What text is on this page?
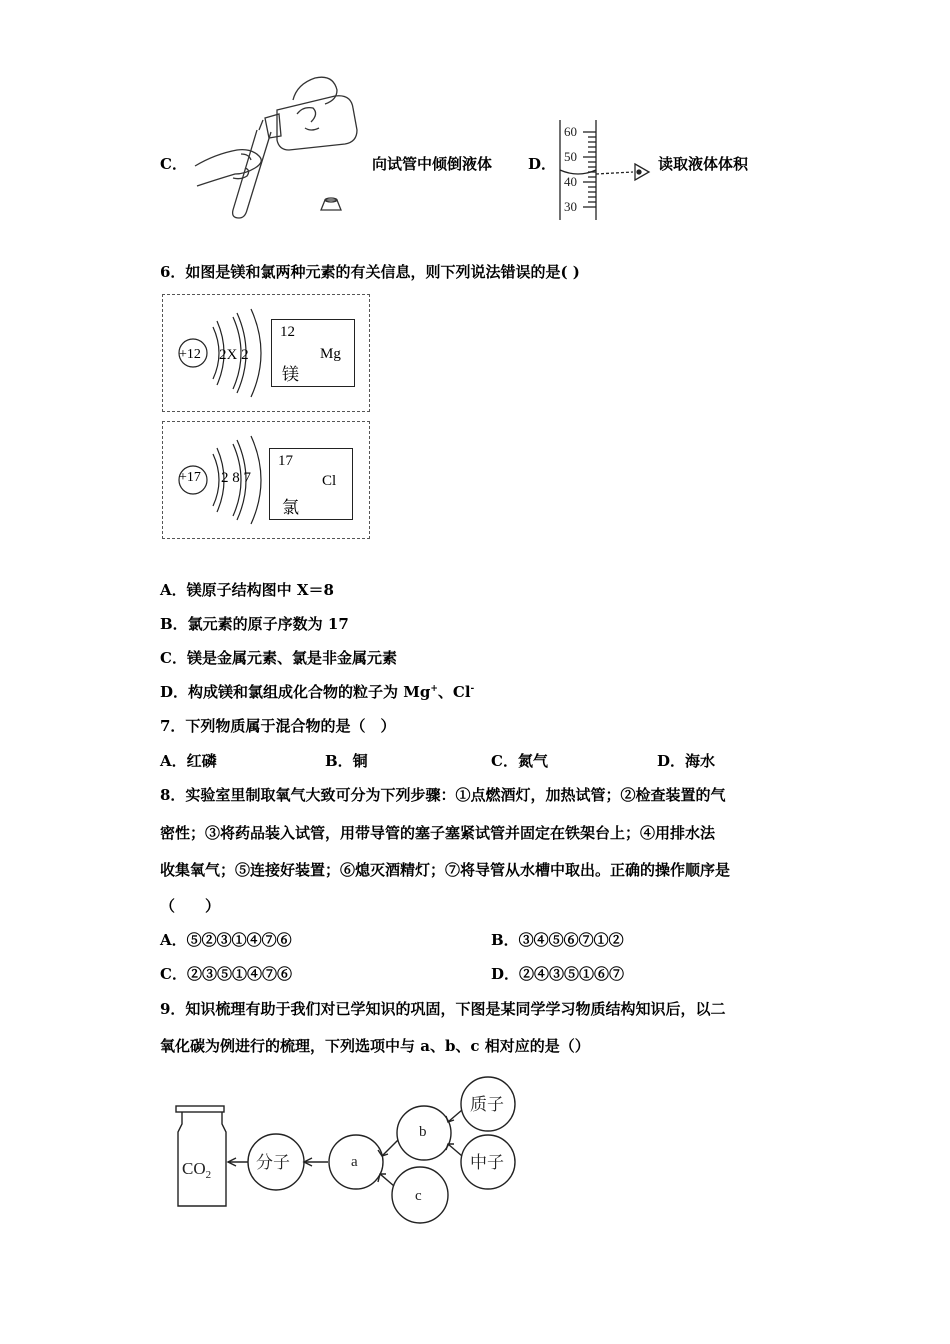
C．	向试管中倾倒液体 D．
60
50
40
30
读取液体体积
6．如图是镁和氯两种元素的有关信息，则下列说法错误的是( )
+12 2X 2
12
Mg
镁
+17 2 8 7
17
Cl
氯
A．镁原子结构图中 X＝8
B．氯元素的原子序数为 17
C．镁是金属元素、氯是非金属元素
D．构成镁和氯组成化合物的粒子为 Mg+、Cl-
7．下列物质属于混合物的是（　）
A．红磷	B．铜	C．氮气	D．海水
8．实验室里制取氧气大致可分为下列步骤：①点燃酒灯，加热试管；②检查装置的气
密性；③将药品装入试管，用带导管的塞子塞紧试管并固定在铁架台上；④用排水法
收集氧气；⑤连接好装置；⑥熄灭酒精灯；⑦将导管从水槽中取出。正确的操作顺序是
（　　）
A．⑤②③①④⑦⑥	B．③④⑤⑥⑦①②
C．②③⑤①④⑦⑥	D．②④③⑤①⑥⑦
9．知识梳理有助于我们对已学知识的巩固，下图是某同学学习物质结构知识后，以二
氧化碳为例进行的梳理，下列选项中与 a、b、c 相对应的是（）
$CO_2$
分子	a
b
c
质子
中子
